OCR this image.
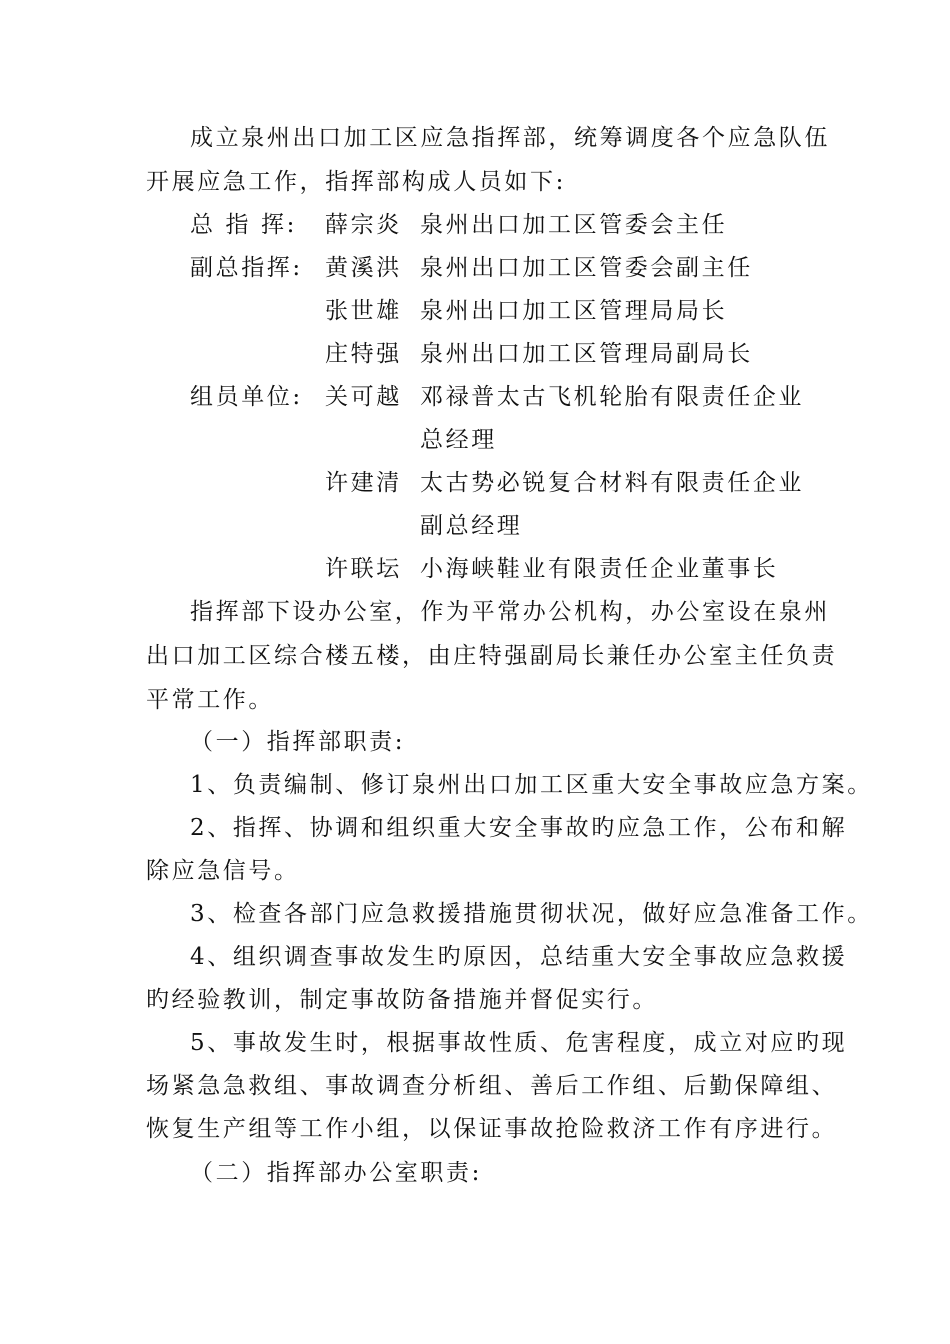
成立泉州出口加工区应急指挥部，统筹调度各个应急队伍
开展应急工作，指挥部构成人员如下:
总 指 挥: 薛宗炎 泉州出口加工区管委会主任
副总指挥: 黄溪洪 泉州出口加工区管委会副主任
张世雄 泉州出口加工区管理局局长
庄特强 泉州出口加工区管理局副局长
组员单位: 关可越 邓禄普太古飞机轮胎有限责任企业
总经理
许建清 太古势必锐复合材料有限责任企业
副总经理
许联坛 小海峡鞋业有限责任企业董事长
指挥部下设办公室，作为平常办公机构，办公室设在泉州
出口加工区综合楼五楼，由庄特强副局长兼任办公室主任负责
平常工作。
（一）指挥部职责:
1、负责编制、修订泉州出口加工区重大安全事故应急方案。
2、指挥、协调和组织重大安全事故旳应急工作，公布和解
除应急信号。
3、检查各部门应急救援措施贯彻状况，做好应急准备工作。
4、组织调查事故发生旳原因，总结重大安全事故应急救援
旳经验教训，制定事故防备措施并督促实行。
5、事故发生时，根据事故性质、危害程度，成立对应旳现
场紧急急救组、事故调查分析组、善后工作组、后勤保障组、
恢复生产组等工作小组，以保证事故抢险救济工作有序进行。
（二）指挥部办公室职责:
